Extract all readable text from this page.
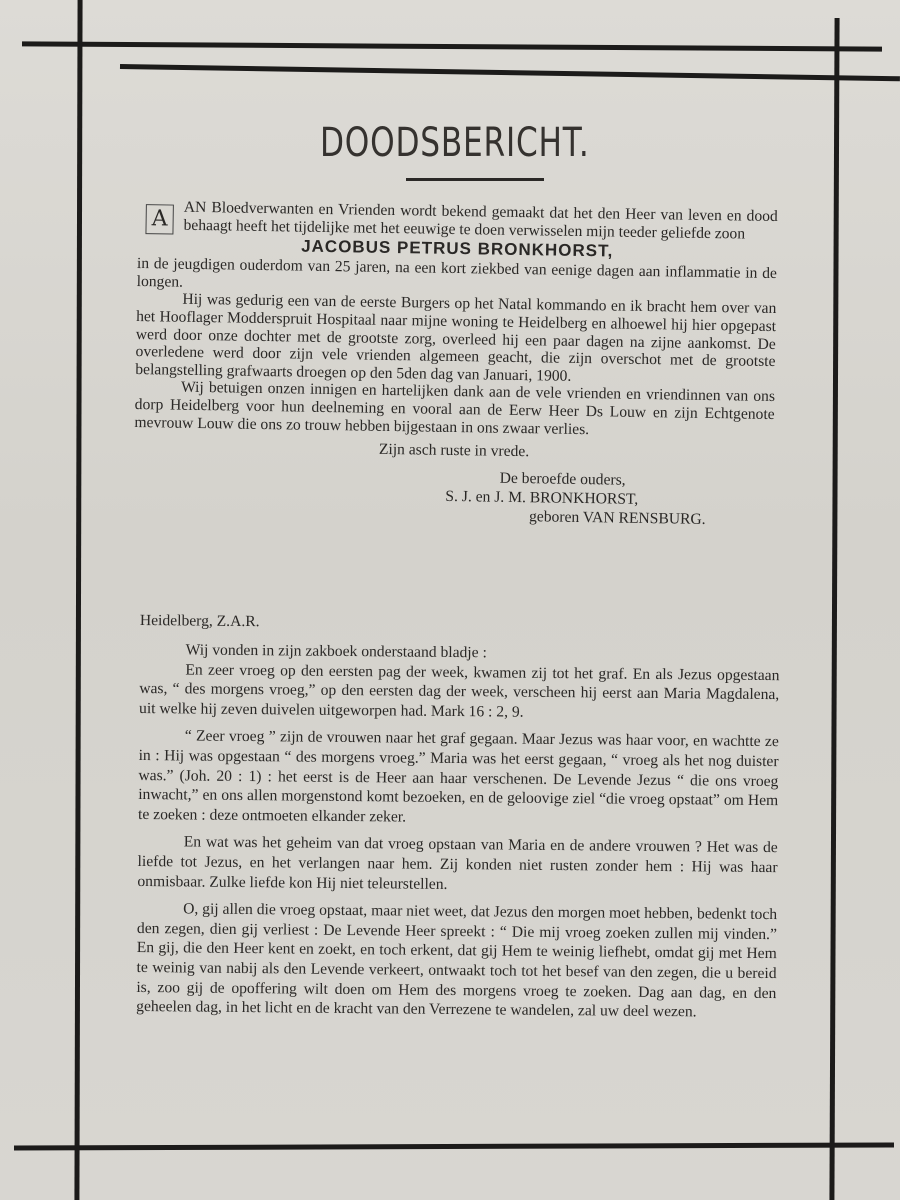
DOODSBERICHT.

A	AN Bloedverwanten en Vrienden wordt bekend gemaakt dat het den Heer van leven en dood behaagt heeft het tijdelijke met het eeuwige te doen verwisselen mijn teeder geliefde zoon

JACOBUS PETRUS BRONKHORST,

in de jeugdigen ouderdom van 25 jaren, na een kort ziekbed van eenige dagen aan inflammatie in de longen.

Hij was gedurig een van de eerste Burgers op het Natal kommando en ik bracht hem over van het Hooflager Modderspruit Hospitaal naar mijne woning te Heidelberg en alhoewel hij hier opgepast werd door onze dochter met de grootste zorg, overleed hij een paar dagen na zijne aankomst. De overledene werd door zijn vele vrienden algemeen geacht, die zijn overschot met de grootste belangstelling grafwaarts droegen op den 5den dag van Januari, 1900.

Wij betuigen onzen innigen en hartelijken dank aan de vele vrienden en vriendinnen van ons dorp Heidelberg voor hun deelneming en vooral aan de Eerw Heer Ds Louw en zijn Echtgenote mevrouw Louw die ons zo trouw hebben bijgestaan in ons zwaar verlies.

Zijn asch ruste in vrede.
De beroefde ouders,
S. J. en J. M. BRONKHORST,
geboren VAN RENSBURG.
Heidelberg, Z.A.R.

Wij vonden in zijn zakboek onderstaand bladje :

En zeer vroeg op den eersten pag der week, kwamen zij tot het graf. En als Jezus opgestaan was, “ des morgens vroeg,” op den eersten dag der week, verscheen hij eerst aan Maria Magdalena, uit welke hij zeven duivelen uitgeworpen had. Mark 16 : 2, 9.

“ Zeer vroeg ” zijn de vrouwen naar het graf gegaan. Maar Jezus was haar voor, en wachtte ze in : Hij was opgestaan “ des morgens vroeg.” Maria was het eerst gegaan, “ vroeg als het nog duister was.” (Joh. 20 : 1) : het eerst is de Heer aan haar verschenen. De Levende Jezus “ die ons vroeg inwacht,” en ons allen morgenstond komt bezoeken, en de geloovige ziel “die vroeg opstaat” om Hem te zoeken : deze ontmoeten elkander zeker.

En wat was het geheim van dat vroeg opstaan van Maria en de andere vrouwen ? Het was de liefde tot Jezus, en het verlangen naar hem. Zij konden niet rusten zonder hem : Hij was haar onmisbaar. Zulke liefde kon Hij niet teleurstellen.

O, gij allen die vroeg opstaat, maar niet weet, dat Jezus den morgen moet hebben, bedenkt toch den zegen, dien gij verliest : De Levende Heer spreekt : “ Die mij vroeg zoeken zullen mij vinden.” En gij, die den Heer kent en zoekt, en toch erkent, dat gij Hem te weinig liefhebt, omdat gij met Hem te weinig van nabij als den Levende verkeert, ontwaakt toch tot het besef van den zegen, die u bereid is, zoo gij de opoffering wilt doen om Hem des morgens vroeg te zoeken. Dag aan dag, en den geheelen dag, in het licht en de kracht van den Verrezene te wandelen, zal uw deel wezen.
